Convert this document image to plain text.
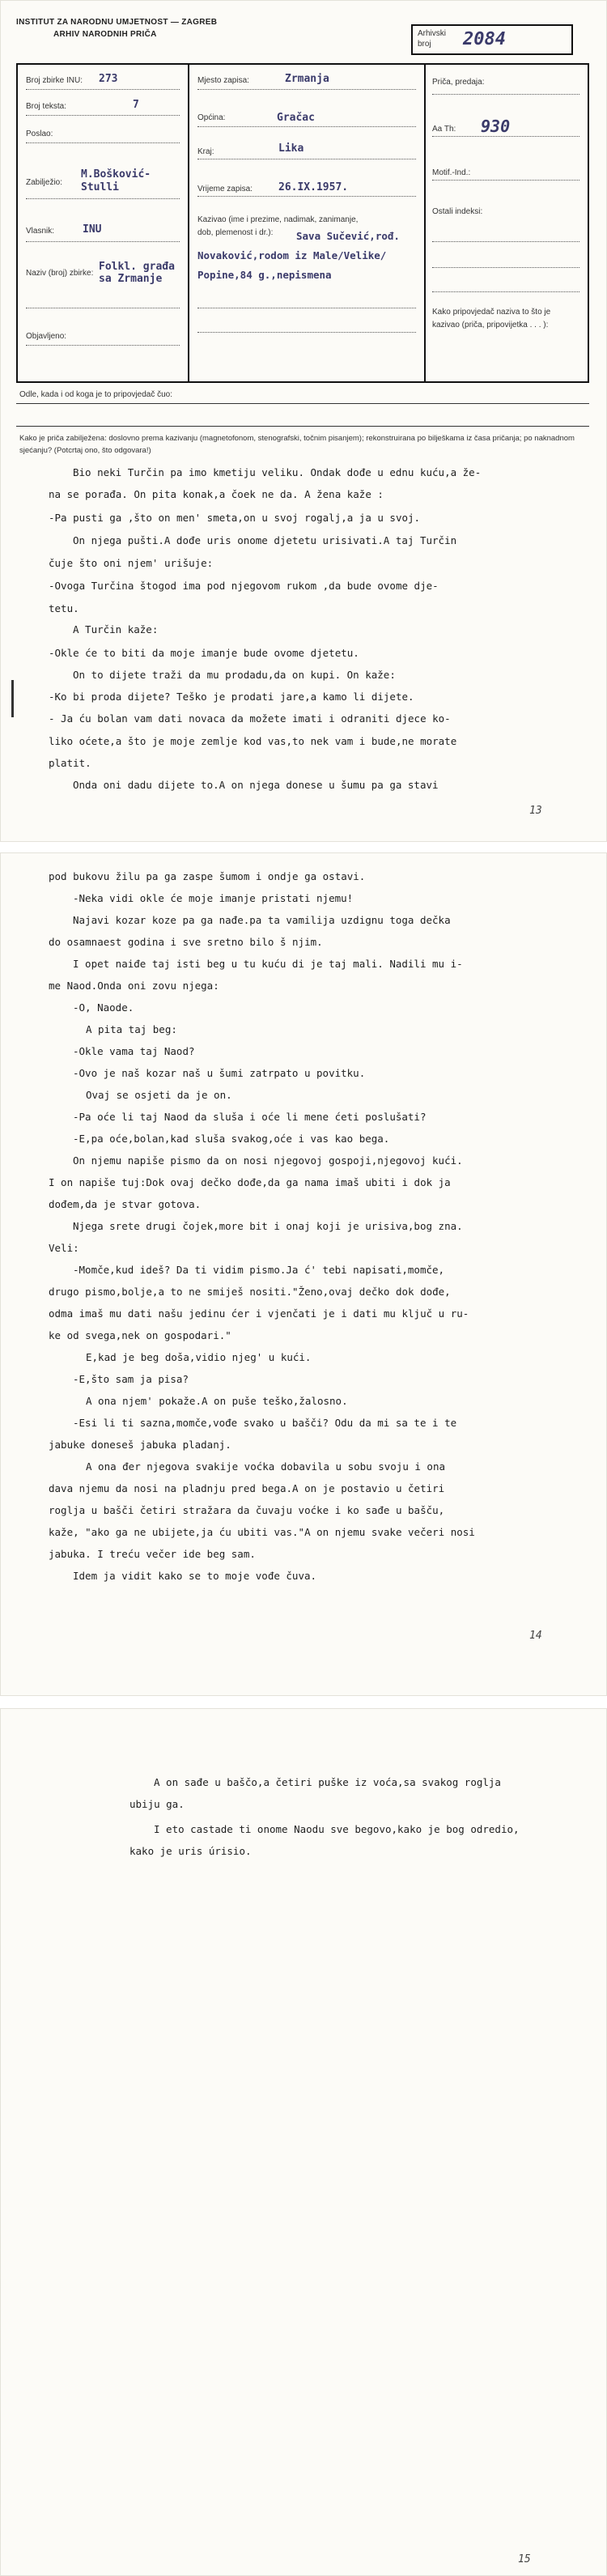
INSTITUT ZA NARODNU UMJETNOST — ZAGREB
ARHIV NARODNIH PRIČA	Arhivski broj	2084
Broj zbirke INU: 273
Broj teksta:	7
Poslao:
Zabilježio:
M.Bošković-Stulli
Vlasnik:	INU
Naziv (broj) zbirke:
Folkl. građa sa Zrmanje
Objavljeno:
Mjesto zapisa:	Zrmanja
Općina:	Gračac
Kraj:	Lika
Vrijeme zapisa: 26.IX.1957.
Kazivao (ime i prezime, nadimak, zanimanje, dob, plemenost i dr.):	Sava Sučević,rođ. Novaković,rodom iz Male/Velike/ Popine,84 g.,nepismena
Priča, predaja:
Aa Th: 930
Motif.-Ind.:
Ostali indeksi:
Kako pripovjedač naziva to što je kazivao (priča, pripovijetka . . . ):
Odle, kada i od koga je to pripovjedač čuo:
Kako je priča zabilježena: doslovno prema kazivanju (magnetofonom, stenografski, točnim pisanjem); rekonstruirana po bilješkama iz časa pričanja; po naknadnom sjećanju? (Potcrtaj ono, što odgovara!)
Bio neki Turčin pa imo kmetiju veliku. Ondak dođe u ednu kuću,a že-
na se porađa. On pita konak,a čoek ne da. A žena kaže :
-Pa pusti ga ,što on men' smeta,on u svoj rogalj,a ja u svoj.
On njega pušti.A dođe uris onome djetetu urisivati.A taj Turčin
čuje što oni njem' urišuje:
-Ovoga Turčina štogod ima pod njegovom rukom ,da bude ovome dje-
tetu.
A Turčin kaže:
-Okle će to biti da moje imanje bude ovome djetetu.
On to dijete traži da mu prodadu,da on kupi. On kaže:
-Ko bi proda dijete? Teško je prodati jare,a kamo li dijete.
- Ja ću bolan vam dati novaca da možete imati i odraniti djece ko-
liko oćete,a što je moje zemlje kod vas,to nek vam i bude,ne morate
platit.
Onda oni dadu dijete to.A on njega donese u šumu pa ga stavi
13
pod bukovu žilu pa ga zaspe šumom i ondje ga ostavi.
-Neka vidi okle će moje imanje pristati njemu!
Najavi kozar koze pa ga nađe.pa ta vamilija uzdignu toga dečka
do osamnaest godina i sve sretno bilo š njim.
I opet naiđe taj isti beg u tu kuću di je taj mali. Nadili mu i-
me Naod.Onda oni zovu njega:
-O, Naode.
A pita taj beg:
-Okle vama taj Naod?
-Ovo je naš kozar naš u šumi zatrpato u povitku.
Ovaj se osjeti da je on.
-Pa oće li taj Naod da sluša i oće li mene ćeti poslušati?
-E,pa oće,bolan,kad sluša svakog,oće i vas kao bega.
On njemu napiše pismo da on nosi njegovoj gospoji,njegovoj kući.
I on napiše tuj:Dok ovaj dečko dođe,da ga nama imaš ubiti i dok ja
dođem,da je stvar gotova.
Njega srete drugi čojek,more bit i onaj koji je urisiva,bog zna.
Veli:
-Momče,kud ideš? Da ti vidim pismo.Ja ć' tebi napisati,momče,
drugo pismo,bolje,a to ne smiješ nositi."Ženo,ovaj dečko dok dođe,
odma imaš mu dati našu jedinu ćer i vjenčati je i dati mu ključ u ru-
ke od svega,nek on gospodari."
E,kad je beg doša,vidio njeg' u kući.
-E,što sam ja pisa?
A ona njem' pokaže.A on puše teško,žalosno.
-Esi li ti sazna,momče,vođe svako u bašči? Odu da mi sa te i te
jabuke doneseš jabuka pladanj.
A ona đer njegova svakije voćka dobavila u sobu svoju i ona
dava njemu da nosi na pladnju pred bega.A on je postavio u četiri
roglja u bašči četiri stražara da čuvaju voćke i ko sađe u bašču,
kaže, "ako ga ne ubijete,ja ću ubiti vas."A on njemu svake večeri nosi
jabuka. I treću večer ide beg sam.
Idem ja vidit kako se to moje vođe čuva.
14
A on sađe u baščo,a četiri puške iz voća,sa svakog roglja
ubiju ga.
I eto castade ti onome Naodu sve begovo,kako je bog odredio,
kako je uris úrisio.
15
